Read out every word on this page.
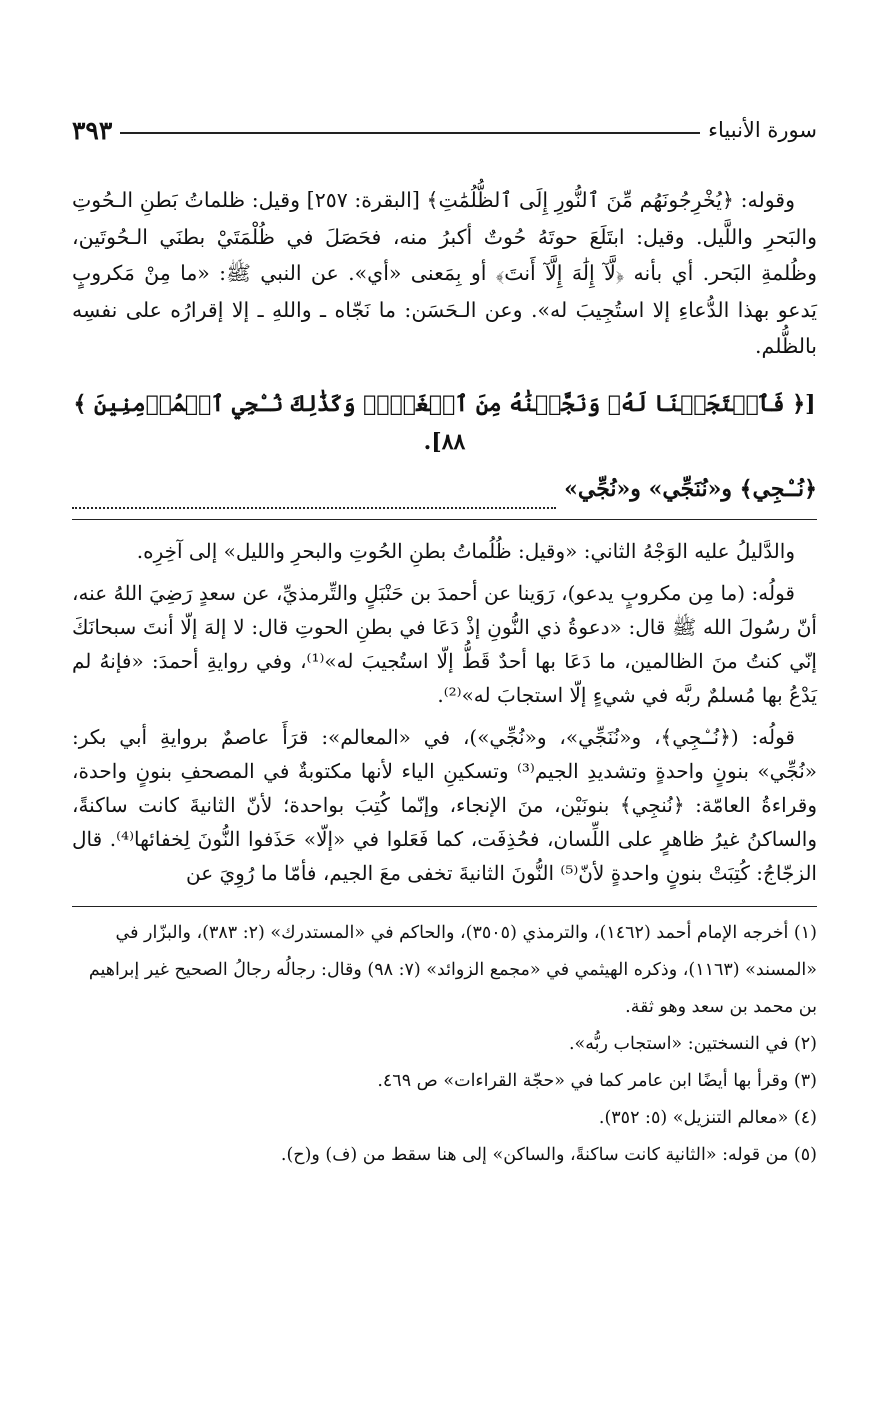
سورة الأنبياء
٣٩٣

وقوله: ﴿يُخْرِجُونَهُم مِّنَ ٱلنُّورِ إِلَى ٱلظُّلُمَٰتِ﴾ [البقرة: ٢٥٧] وقيل: ظلماتُ بَطنِ الـحُوتِ والبَحرِ واللَّيل. وقيل: ابتَلَعَ حوتَهُ حُوتٌ أكبرُ منه، فحَصَلَ في ظُلْمَتَيْ بطنَي الـحُوتَين، وظُلمةِ البَحر. أي بأنه ﴿لَّآ إِلَٰهَ إِلَّآ أَنتَ﴾ أو بِمَعنى «أي». عن النبي ﷺ: «ما مِنْ مَكروبٍ يَدعو بهذا الدُّعاءِ إلا استُجِيبَ له». وعن الـحَسَن: ما نَجّاه ـ واللهِ ـ إلا إقرارُه على نفسِه بالظُّلم.

[﴿ فَٱسۡتَجَبۡنَا لَهُۥ وَنَجَّيۡنَٰهُ مِنَ ٱلۡغَمِّۚ وَكَذَٰلِكَ نُـۨجِي ٱلۡمُؤۡمِنِينَ ﴾ ٨٨].
﴿نُـۨجِي﴾ و«نُنَجِّي» و«نُجِّي»

والدَّليلُ عليه الوَجْهُ الثاني: «وقيل: ظُلُماتُ بطنِ الحُوتِ والبحرِ والليل» إلى آخِرِه.

قولُه: (ما مِن مكروبٍ يدعو)، رَوَينا عن أحمدَ بن حَنْبَلٍ والتِّرمذيِّ، عن سعدٍ رَضِيَ اللهُ عنه، أنّ رسُولَ الله ﷺ قال: «دعوةُ ذي النُّونِ إذْ دَعَا في بطنِ الحوتِ قال: لا إلهَ إلّا أنتَ سبحانَكَ إنّي كنتُ منَ الظالمين، ما دَعَا بها أحدٌ قَطُّ إلّا استُجيبَ له»⁽¹⁾، وفي روايةِ أحمدَ: «فإنهُ لم يَدْعُ بها مُسلمٌ ربَّه في شيءٍ إلّا استجابَ له»⁽²⁾.

قولُه: (﴿نُـۨجِي﴾، و«نُنَجِّي»، و«نُجِّي»)، في «المعالم»: قرَأَ عاصمٌ بروايةِ أبي بكر: «نُجِّي» بنونٍ واحدةٍ وتشديدِ الجيم⁽³⁾ وتسكينِ الياء لأنها مكتوبةٌ في المصحفِ بنونٍ واحدة، وقراءةُ العامّة: ﴿نُنجِي﴾ بنونَيْن، منَ الإنجاء، وإنّما كُتِبَ بواحدة؛ لأنّ الثانيةَ كانت ساكنةً، والساكنُ غيرُ ظاهرٍ على اللِّسان، فحُذِفَت، كما فَعَلوا في «إلّا» حَذَفوا النُّونَ لِخفائها⁽⁴⁾. قال الزجّاجُ: كُتِبَتْ بنونٍ واحدةٍ لأنّ⁽⁵⁾ النُّونَ الثانيةَ تخفى معَ الجيم، فأمّا ما رُوِيَ عن

(١) أخرجه الإمام أحمد (١٤٦٢)، والترمذي (٣٥٠٥)، والحاكم في «المستدرك» (٢: ٣٨٣)، والبزّار في «المسند» (١١٦٣)، وذكره الهيثمي في «مجمع الزوائد» (٧: ٩٨) وقال: رجالُه رجالُ الصحيح غير إبراهيم بن محمد بن سعد وهو ثقة.

(٢) في النسختين: «استجاب ربُّه».

(٣) وقرأ بها أيضًا ابن عامر كما في «حجّة القراءات» ص ٤٦٩.

(٤) «معالم التنزيل» (٥: ٣٥٢).

(٥) من قوله: «الثانية كانت ساكنةً، والساكن» إلى هنا سقط من (ف) و(ح).
